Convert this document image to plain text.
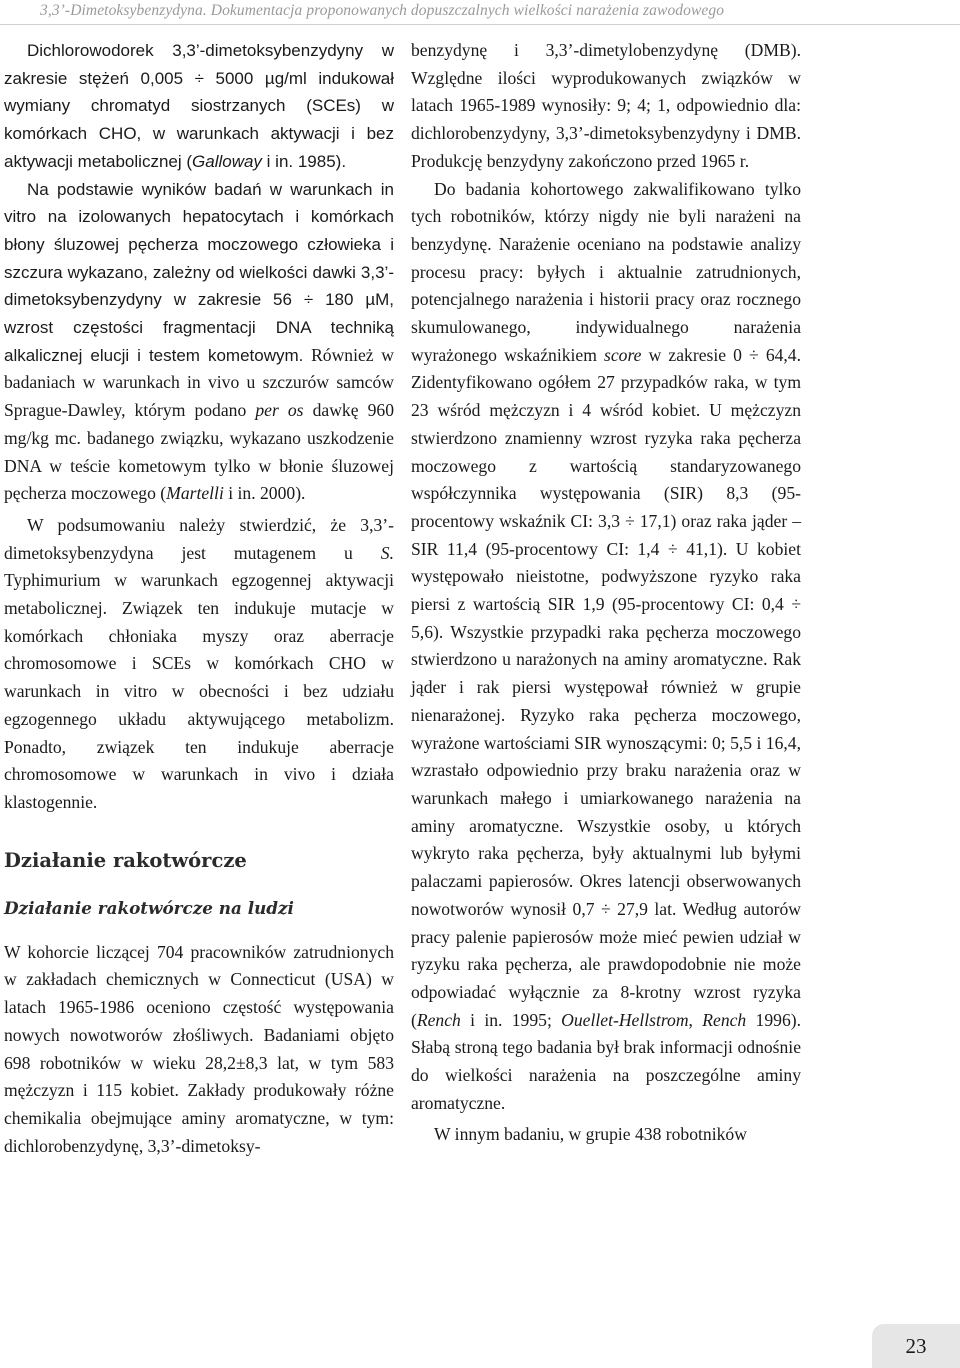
3,3’-Dimetoksybenzydyna. Dokumentacja proponowanych dopuszczalnych wielkości narażenia zawodowego

Dichlorowodorek 3,3’-dimetoksybenzydyny w zakresie stężeń 0,005 ÷ 5000 µg/ml indukował wymiany chromatyd siostrzanych (SCEs) w komórkach CHO, w warunkach aktywacji i bez aktywacji metabolicznej (Galloway i in. 1985).

Na podstawie wyników badań w warunkach in vitro na izolowanych hepatocytach i komórkach błony śluzowej pęcherza moczowego człowieka i szczura wykazano, zależny od wielkości dawki 3,3’-dimetoksybenzydyny w zakresie 56 ÷ 180 µM, wzrost częstości fragmentacji DNA techniką alkalicznej elucji i testem kometowym. Również w badaniach w warunkach in vivo u szczurów samców Sprague-Dawley, którym podano per os dawkę 960 mg/kg mc. badanego związku, wykazano uszkodzenie DNA w teście kometowym tylko w błonie śluzowej pęcherza moczowego (Martelli i in. 2000).

W podsumowaniu należy stwierdzić, że 3,3’-dimetoksybenzydyna jest mutagenem u S. Typhimurium w warunkach egzogennej aktywacji metabolicznej. Związek ten indukuje mutacje w komórkach chłoniaka myszy oraz aberracje chromosomowe i SCEs w komórkach CHO w warunkach in vitro w obecności i bez udziału egzogennego układu aktywującego metabolizm. Ponadto, związek ten indukuje aberracje chromosomowe w warunkach in vivo i działa klastogennie.

Działanie rakotwórcze
Działanie rakotwórcze na ludzi

W kohorcie liczącej 704 pracowników zatrudnionych w zakładach chemicznych w Connecticut (USA) w latach 1965-1986 oceniono częstość występowania nowych nowotworów złośliwych. Badaniami objęto 698 robotników w wieku 28,2±8,3 lat, w tym 583 mężczyzn i 115 kobiet. Zakłady produkowały różne chemikalia obejmujące aminy aromatyczne, w tym: dichlorobenzydynę, 3,3’-dimetoksy-

benzydynę i 3,3’-dimetylobenzydynę (DMB). Względne ilości wyprodukowanych związków w latach 1965-1989 wynosiły: 9; 4; 1, odpowiednio dla: dichlorobenzydyny, 3,3’-dimetoksybenzydyny i DMB. Produkcję benzydyny zakończono przed 1965 r.

Do badania kohortowego zakwalifikowano tylko tych robotników, którzy nigdy nie byli narażeni na benzydynę. Narażenie oceniano na podstawie analizy procesu pracy: byłych i aktualnie zatrudnionych, potencjalnego narażenia i historii pracy oraz rocznego skumulowanego, indywidualnego narażenia wyrażonego wskaźnikiem score w zakresie 0 ÷ 64,4. Zidentyfikowano ogółem 27 przypadków raka, w tym 23 wśród mężczyzn i 4 wśród kobiet. U mężczyzn stwierdzono znamienny wzrost ryzyka raka pęcherza moczowego z wartością standaryzowanego współczynnika występowania (SIR) 8,3 (95-procentowy wskaźnik CI: 3,3 ÷ 17,1) oraz raka jąder – SIR 11,4 (95-procentowy CI: 1,4 ÷ 41,1). U kobiet występowało nieistotne, podwyższone ryzyko raka piersi z wartością SIR 1,9 (95-procentowy CI: 0,4 ÷ 5,6). Wszystkie przypadki raka pęcherza moczowego stwierdzono u narażonych na aminy aromatyczne. Rak jąder i rak piersi występował również w grupie nienarażonej. Ryzyko raka pęcherza moczowego, wyrażone wartościami SIR wynoszącymi: 0; 5,5 i 16,4, wzrastało odpowiednio przy braku narażenia oraz w warunkach małego i umiarkowanego narażenia na aminy aromatyczne. Wszystkie osoby, u których wykryto raka pęcherza, były aktualnymi lub byłymi palaczami papierosów. Okres latencji obserwowanych nowotworów wynosił 0,7 ÷ 27,9 lat. Według autorów pracy palenie papierosów może mieć pewien udział w ryzyku raka pęcherza, ale prawdopodobnie nie może odpowiadać wyłącznie za 8-krotny wzrost ryzyka (Rench i in. 1995; Ouellet-Hellstrom, Rench 1996). Słabą stroną tego badania był brak informacji odnośnie do wielkości narażenia na poszczególne aminy aromatyczne.

W innym badaniu, w grupie 438 robotników

23
